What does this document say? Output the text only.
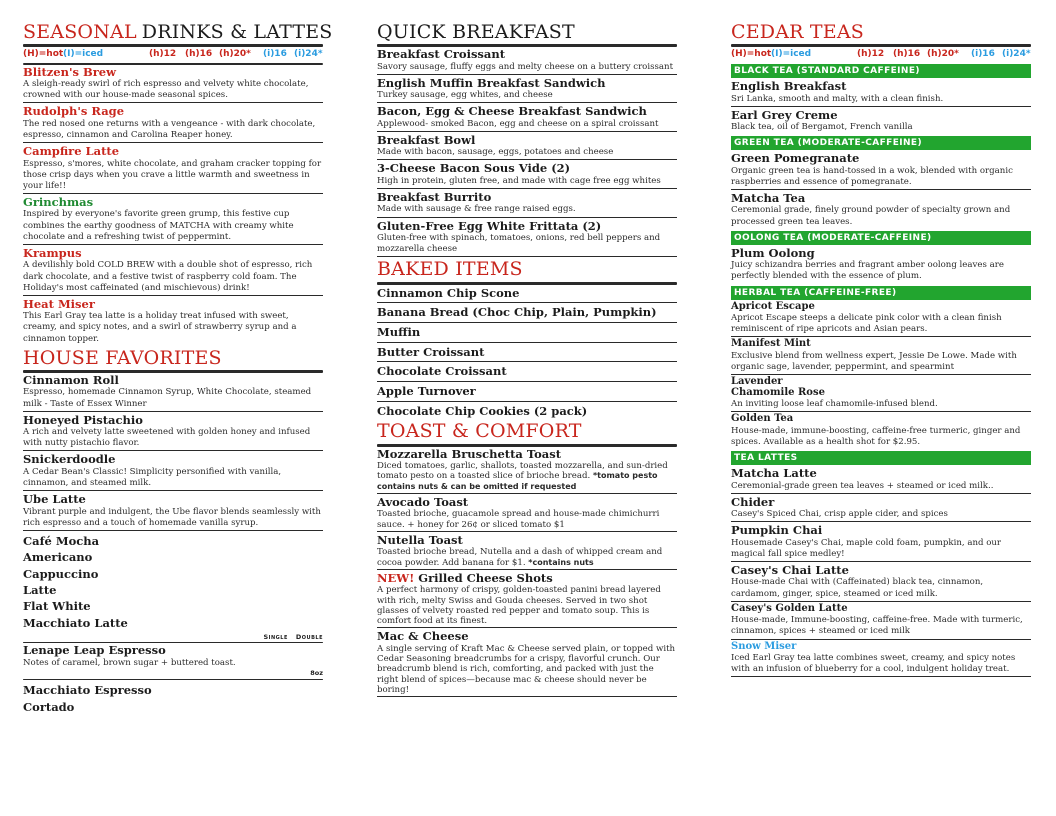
SEASONAL DRINKS & LATTES
(H)=hot (I)=iced	(h)12 (h)16 (h)20* (i)16 (i)24*
Blitzen's Brew
A sleigh-ready swirl of rich espresso and velvety white chocolate, crowned with our house-made seasonal spices.
Rudolph's Rage
The red nosed one returns with a vengeance - with dark chocolate, espresso, cinnamon and Carolina Reaper honey.
Campfire Latte
Espresso, s'mores, white chocolate, and graham cracker topping for those crisp days when you crave a little warmth and sweetness in your life!!
Grinchmas
Inspired by everyone's favorite green grump, this festive cup combines the earthy goodness of MATCHA with creamy white chocolate and a refreshing twist of peppermint.
Krampus
A devilishly bold COLD BREW with a double shot of espresso, rich dark chocolate, and a festive twist of raspberry cold foam. The Holiday's most caffeinated (and mischievous) drink!
Heat Miser
This Earl Gray tea latte is a holiday treat infused with sweet, creamy, and spicy notes, and a swirl of strawberry syrup and a cinnamon topper.
HOUSE FAVORITES
Cinnamon Roll
Espresso, homemade Cinnamon Syrup, White Chocolate, steamed milk - Taste of Essex Winner
Honeyed Pistachio
A rich and velvety latte sweetened with golden honey and infused with nutty pistachio flavor.
Snickerdoodle
A Cedar Bean's Classic! Simplicity personified with vanilla, cinnamon, and steamed milk.
Ube Latte
Vibrant purple and indulgent, the Ube flavor blends seamlessly with rich espresso and a touch of homemade vanilla syrup.
Café Mocha
Americano
Cappuccino
Latte
Flat White
Macchiato Latte
Single Double
Lenape Leap Espresso
Notes of caramel, brown sugar + buttered toast.
8oz
Macchiato Espresso
Cortado
QUICK BREAKFAST
Breakfast Croissant
Savory sausage, fluffy eggs and melty cheese on a buttery croissant
English Muffin Breakfast Sandwich
Turkey sausage, egg whites, and cheese
Bacon, Egg & Cheese Breakfast Sandwich
Applewood- smoked Bacon, egg and cheese on a spiral croissant
Breakfast Bowl
Made with bacon, sausage, eggs, potatoes and cheese
3-Cheese Bacon Sous Vide (2)
High in protein, gluten free, and made with cage free egg whites
Breakfast Burrito
Made with sausage & free range raised eggs.
Gluten-Free Egg White Frittata (2)
Gluten-free with spinach, tomatoes, onions, red bell peppers and mozzarella cheese
BAKED ITEMS
Cinnamon Chip Scone
Banana Bread (Choc Chip, Plain, Pumpkin)
Muffin
Butter Croissant
Chocolate Croissant
Apple Turnover
Chocolate Chip Cookies (2 pack)
TOAST & COMFORT
Mozzarella Bruschetta Toast
Diced tomatoes, garlic, shallots, toasted mozzarella, and sun-dried tomato pesto on a toasted slice of brioche bread. *tomato pesto contains nuts & can be omitted if requested
Avocado Toast
Toasted brioche, guacamole spread and house-made chimichurri sauce. + honey for 26¢ or sliced tomato $1
Nutella Toast
Toasted brioche bread, Nutella and a dash of whipped cream and cocoa powder. Add banana for $1. *contains nuts
NEW! Grilled Cheese Shots
A perfect harmony of crispy, golden-toasted panini bread layered with rich, melty Swiss and Gouda cheeses. Served in two shot glasses of velvety roasted red pepper and tomato soup. This is comfort food at its finest.
Mac & Cheese
A single serving of Kraft Mac & Cheese served plain, or topped with Cedar Seasoning breadcrumbs for a crispy, flavorful crunch. Our breadcrumb blend is rich, comforting, and packed with just the right blend of spices—because mac & cheese should never be boring!
CEDAR TEAS
(H)=hot (I)=iced	(h)12 (h)16 (h)20* (i)16 (i)24*
BLACK TEA (STANDARD CAFFEINE)
English Breakfast
Sri Lanka, smooth and malty, with a clean finish.
Earl Grey Creme
Black tea, oil of Bergamot, French vanilla
GREEN TEA (MODERATE-CAFFEINE)
Green Pomegranate
Organic green tea is hand-tossed in a wok, blended with organic raspberries and essence of pomegranate.
Matcha Tea
Ceremonial grade, finely ground powder of specialty grown and processed green tea leaves.
OOLONG TEA (MODERATE-CAFFEINE)
Plum Oolong
Juicy schizandra berries and fragrant amber oolong leaves are perfectly blended with the essence of plum.
HERBAL TEA (CAFFEINE-FREE)
Apricot Escape
Apricot Escape steeps a delicate pink color with a clean finish reminiscent of ripe apricots and Asian pears.
Manifest Mint
Exclusive blend from wellness expert, Jessie De Lowe. Made with organic sage, lavender, peppermint, and spearmint
Lavender
Chamomile Rose
An inviting loose leaf chamomile-infused blend.
Golden Tea
House-made, immune-boosting, caffeine-free turmeric, ginger and spices. Available as a health shot for $2.95.
TEA LATTES
Matcha Latte
Ceremonial-grade green tea leaves + steamed or iced milk..
Chider
Casey's Spiced Chai, crisp apple cider, and spices
Pumpkin Chai
Housemade Casey's Chai, maple cold foam, pumpkin, and our magical fall spice medley!
Casey's Chai Latte
House-made Chai with (Caffeinated) black tea, cinnamon, cardamom, ginger, spice, steamed or iced milk.
Casey's Golden Latte
House-made, Immune-boosting, caffeine-free. Made with turmeric, cinnamon, spices + steamed or iced milk
Snow Miser
Iced Earl Gray tea latte combines sweet, creamy, and spicy notes with an infusion of blueberry for a cool, indulgent holiday treat.
